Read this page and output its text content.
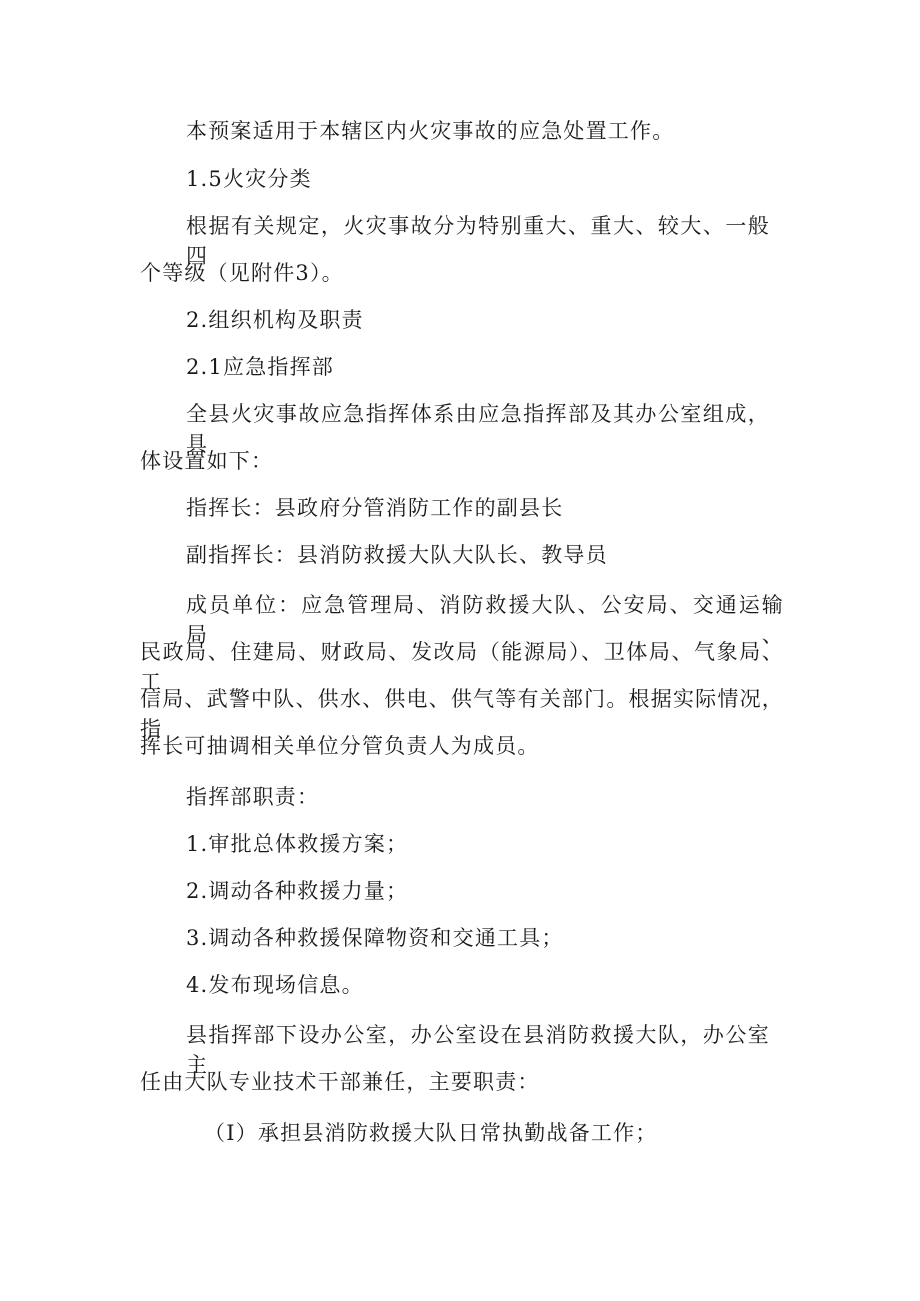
本预案适用于本辖区内火灾事故的应急处置工作。
1.5火灾分类
根据有关规定，火灾事故分为特别重大、重大、较大、一般四
个等级（见附件3）。
2.组织机构及职责
2.1应急指挥部
全县火灾事故应急指挥体系由应急指挥部及其办公室组成，具
体设置如下：
指挥长：县政府分管消防工作的副县长
副指挥长：县消防救援大队大队长、教导员
成员单位：应急管理局、消防救援大队、公安局、交通运输局、
民政局、住建局、财政局、发改局（能源局）、卫体局、气象局、工
信局、武警中队、供水、供电、供气等有关部门。根据实际情况，指
挥长可抽调相关单位分管负责人为成员。
指挥部职责：
1.审批总体救援方案；
2.调动各种救援力量；
3.调动各种救援保障物资和交通工具；
4.发布现场信息。
县指挥部下设办公室，办公室设在县消防救援大队，办公室主
任由大队专业技术干部兼任，主要职责：
（I）承担县消防救援大队日常执勤战备工作；
